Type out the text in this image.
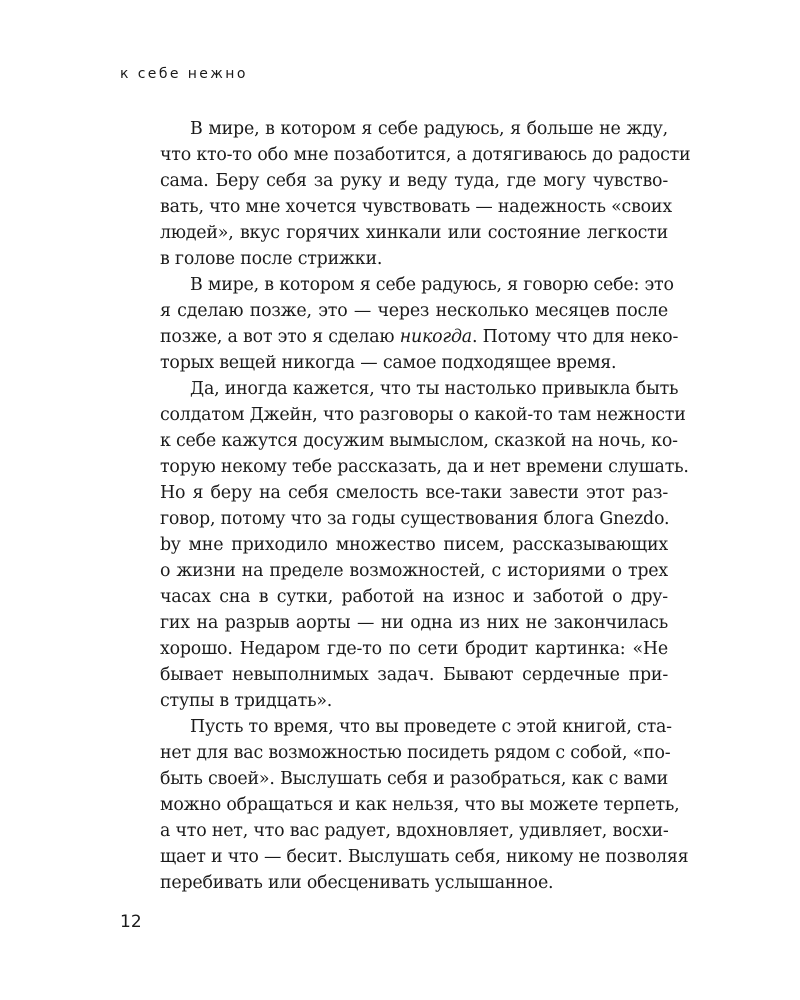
к себе нежно
В мире, в котором я себе радуюсь, я больше не жду,
что кто-то обо мне позаботится, а дотягиваюсь до радости
сама. Беру себя за руку и веду туда, где могу чувство-
вать, что мне хочется чувствовать — надежность «своих
людей», вкус горячих хинкали или состояние легкости
в голове после стрижки.
В мире, в котором я себе радуюсь, я говорю себе: это
я сделаю позже, это — через несколько месяцев после
позже, а вот это я сделаю никогда. Потому что для неко-
торых вещей никогда — самое подходящее время.
Да, иногда кажется, что ты настолько привыкла быть
солдатом Джейн, что разговоры о какой-то там нежности
к себе кажутся досужим вымыслом, сказкой на ночь, ко-
торую некому тебе рассказать, да и нет времени слушать.
Но я беру на себя смелость все-таки завести этот раз-
говор, потому что за годы существования блога Gnezdo.
by мне приходило множество писем, рассказывающих
о жизни на пределе возможностей, с историями о трех
часах сна в сутки, работой на износ и заботой о дру-
гих на разрыв аорты — ни одна из них не закончилась
хорошо. Недаром где-то по сети бродит картинка: «Не
бывает невыполнимых задач. Бывают сердечные при-
ступы в тридцать».
Пусть то время, что вы проведете с этой книгой, ста-
нет для вас возможностью посидеть рядом с собой, «по-
быть своей». Выслушать себя и разобраться, как с вами
можно обращаться и как нельзя, что вы можете терпеть,
а что нет, что вас радует, вдохновляет, удивляет, восхи-
щает и что — бесит. Выслушать себя, никому не позволяя
перебивать или обесценивать услышанное.
12
